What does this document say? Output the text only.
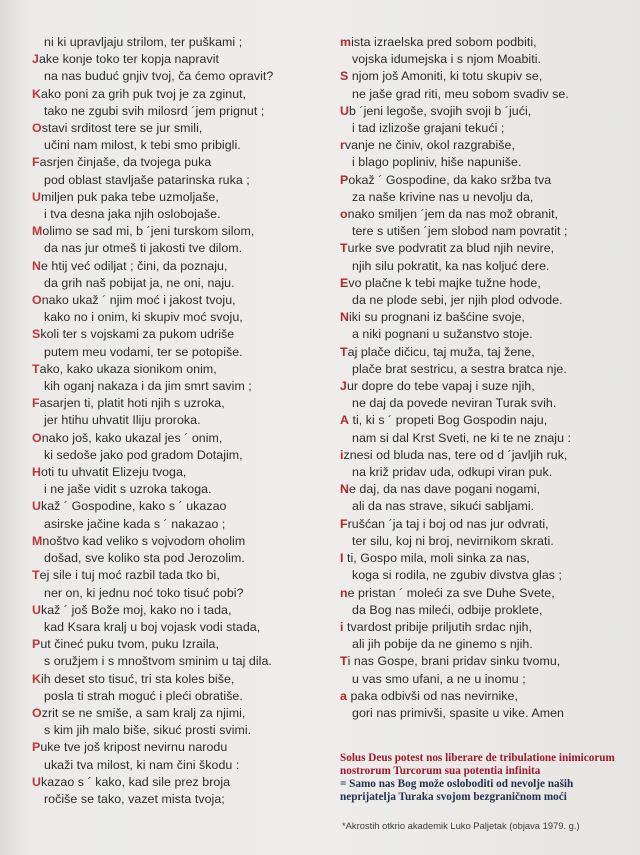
ni ki upravljaju strilom, ter puškami ;
Jake konje toko ter kopja napravit
na nas buduć gnjiv tvoj, ča ćemo opravit?
Kako poni za grih puk tvoj je za zginut,
tako ne zgubi svih milosrd ´jem prignut ;
Ostavi srditost tere se jur smili,
učini nam milost, k tebi smo pribigli.
Fasrjen činjaše, da tvojega puka
pod oblast stavljaše patarinska ruka ;
Umiljen puk paka tebe uzmoljaše,
i tva desna jaka njih oslobojaše.
Molimo se sad mi, b ´jeni turskom silom,
da nas jur otmeš ti jakosti tve dilom.
Ne htij već odiljat ; čini, da poznaju,
da grih naš pobijat ja, ne oni, naju.
Onako ukaž ´ njim moć i jakost tvoju,
kako no i onim, ki skupiv moć svoju,
Skoli ter s vojskami za pukom udriše
putem meu vodami, ter se potopiše.
Tako, kako ukaza sionikom onim,
kih oganj nakaza i da jim smrt savim ;
Fasarjen ti, platit hoti njih s uzroka,
jer htihu uhvatit Iliju proroka.
Onako još, kako ukazal jes ´ onim,
ki sedoše jako pod gradom Dotajim,
Hoti tu uhvatit Elizeju tvoga,
i ne jaše vidit s uzroka takoga.
Ukaž ´ Gospodine, kako s ´ ukazao
asirske jačine kada s ´ nakazao ;
Mnoštvo kad veliko s vojvodom oholim
došad, sve koliko sta pod Jerozolim.
Tej sile i tuj moć razbil tada tko bi,
ner on, ki jednu noć toko tisuć pobi?
Ukaž ´ još Bože moj, kako no i tada,
kad Ksara kralj u boj vojask vodi stada,
Put čineć puku tvom, puku Izraila,
s oružjem i s mnoštvom sminim u taj dila.
Kih deset sto tisuć, tri sta koles biše,
posla ti strah moguć i pleći obratiše.
Ozrit se ne smiše, a sam kralj za njimi,
s kim jih malo biše, sikuć prosti svimi.
Puke tve još kripost nevirnu narodu
ukaži tva milost, ki nam čini škodu :
Ukazao s ´ kako, kad sile prez broja
ročiše se tako, vazet mista tvoja;
mista izraelska pred sobom podbiti,
vojska idumejska i s njom Moabiti.
S njom još Amoniti, ki totu skupiv se,
ne jaše grad riti, meu sobom svadiv se.
Ub ´jeni legoše, svojih svoji b ´jući,
i tad izlizoše grajani tekući ;
rvanje ne činiv, okol razgrabiše,
i blago popliniv, hiše napuniše.
Pokaž ´ Gospodine, da kako sržba tva
za naše krivine nas u nevolju da,
onako smiljen ´jem da nas mož obranit,
tere s utišen ´jem slobod nam povratit ;
Turke sve podvratit za blud njih nevire,
njih silu pokratit, ka nas koljuć dere.
Evo plačne k tebi majke tužne hode,
da ne plode sebi, jer njih plod odvode.
Niki su prognani iz bašćine svoje,
a niki pognani u sužanstvo stoje.
Taj plače dičicu, taj muža, taj žene,
plače brat sestricu, a sestra bratca nje.
Jur dopre do tebe vapaj i suze njih,
ne daj da povede neviran Turak svih.
A ti, ki s ´ propeti Bog Gospodin naju,
nam si dal Krst Sveti, ne ki te ne znaju :
iznesi od bluda nas, tere od d ´javljih ruk,
na križ pridav uda, odkupi viran puk.
Ne daj, da nas dave pogani nogami,
ali da nas strave, sikući sabljami.
Frušćan ´ja taj i boj od nas jur odvrati,
ter silu, koj ni broj, nevirnikom skrati.
I ti, Gospo mila, moli sinka za nas,
koga si rodila, ne zgubiv divstva glas ;
ne pristan ´ moleći za sve Duhe Svete,
da Bog nas mileći, odbije proklete,
i tvardost pribije priljutih srdac njih,
ali jih pobije da ne ginemo s njih.
Ti nas Gospe, brani pridav sinku tvomu,
u vas smo ufani, a ne u inomu ;
a paka odbivši od nas nevirnike,
gori nas primivši, spasite u vike. Amen
Solus Deus potest nos liberare de tribulatione inimicorum nostrorum Turcorum sua potentia infinita
= Samo nas Bog može osloboditi od nevolje naših neprijatelja Turaka svojom bezgraničnom moći
*Akrostih otkrio akademik Luko Paljetak (objava 1979. g.)
